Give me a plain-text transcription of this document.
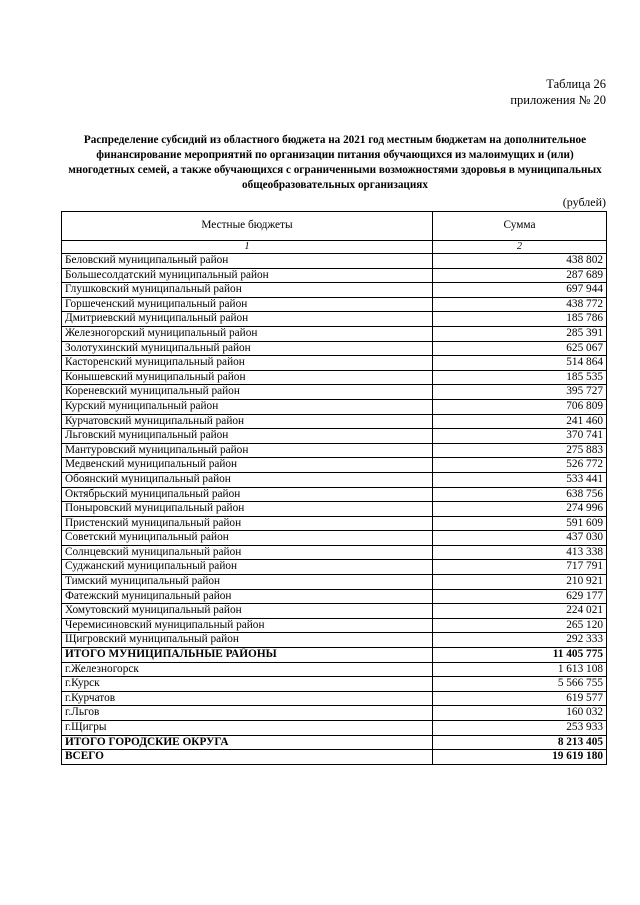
Таблица 26
приложения № 20
Распределение субсидий из областного бюджета на 2021 год местным бюджетам на дополнительное финансирование мероприятий по организации питания обучающихся из малоимущих и (или) многодетных семей, а также обучающихся с ограниченными возможностями здоровья в муниципальных общеобразовательных организациях
(рублей)
Местные бюджеты	Сумма
1	2
Беловский муниципальный район	438 802
Большесолдатский муниципальный район	287 689
Глушковский муниципальный район	697 944
Горшеченский муниципальный район	438 772
Дмитриевский муниципальный район	185 786
Железногорский муниципальный район	285 391
Золотухинский муниципальный район	625 067
Касторенский муниципальный район	514 864
Конышевский муниципальный район	185 535
Кореневский муниципальный район	395 727
Курский муниципальный район	706 809
Курчатовский муниципальный район	241 460
Льговский муниципальный район	370 741
Мантуровский муниципальный район	275 883
Медвенский муниципальный район	526 772
Обоянский муниципальный район	533 441
Октябрьский муниципальный район	638 756
Поныровский муниципальный район	274 996
Пристенский муниципальный район	591 609
Советский муниципальный район	437 030
Солнцевский муниципальный район	413 338
Суджанский муниципальный район	717 791
Тимский муниципальный район	210 921
Фатежский муниципальный район	629 177
Хомутовский муниципальный район	224 021
Черемисиновский муниципальный район	265 120
Щигровский муниципальный район	292 333
ИТОГО МУНИЦИПАЛЬНЫЕ РАЙОНЫ	11 405 775
г.Железногорск	1 613 108
г.Курск	5 566 755
г.Курчатов	619 577
г.Льгов	160 032
г.Щигры	253 933
ИТОГО ГОРОДСКИЕ ОКРУГА	8 213 405
ВСЕГО	19 619 180
